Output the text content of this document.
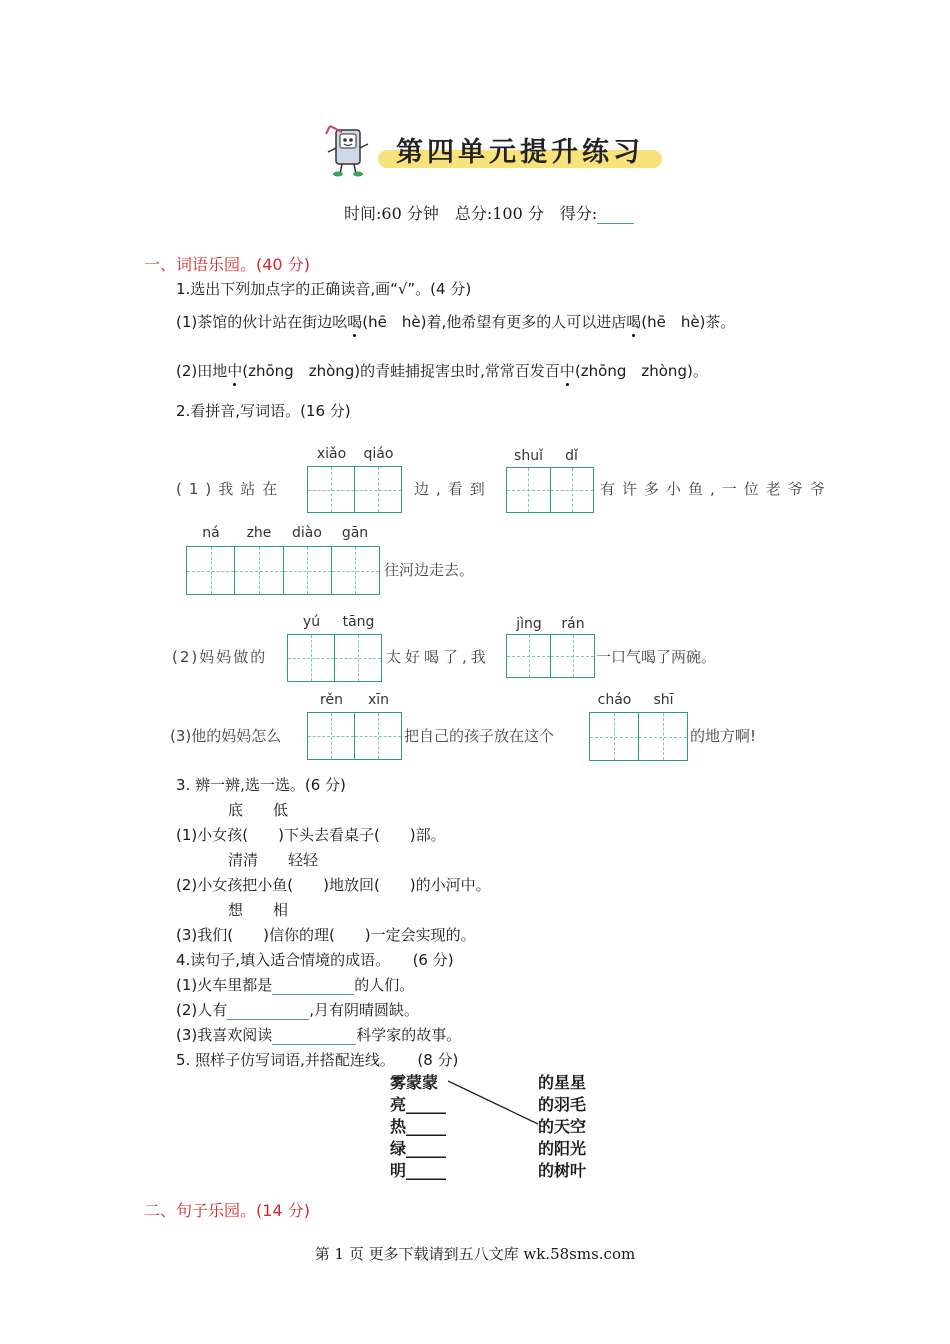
第四单元提升练习
时间:60 分钟　总分:100 分　得分:
一、词语乐园。(40 分)
1.选出下列加点字的正确读音,画“√”。(4 分)
(1)茶馆的伙计站在街边吆喝(hē　hè)着,他希望有更多的人可以进店喝(hē　hè)茶。
(2)田地中(zhōng　zhòng)的青蛙捕捉害虫时,常常百发百中(zhōng　zhòng)。
2.看拼音,写词语。(16 分)
(1)我站在
xiǎo	qiáo
边,看到
shuǐ	dǐ
有许多小鱼,一位老爷爷
ná	zhe	diào	gān
往河边走去。
(2)妈妈做的
yú	tāng
太好喝了,我
jìng	rán
一口气喝了两碗。
(3)他的妈妈怎么
rěn	xīn
把自己的孩子放在这个
cháo	shī
的地方啊!
3. 辨一辨,选一选。(6 分)
底　　低
(1)小女孩(　　)下头去看桌子(　　)部。
清清　　轻轻
(2)小女孩把小鱼(　　)地放回(　　)的小河中。
想　　相
(3)我们(　　)信你的理(　　)一定会实现的。
4.读句子,填入适合情境的成语。　　(6 分)
(1)火车里都是	的人们。
(2)人有	,月有阴晴圆缺。
(3)我喜欢阅读	科学家的故事。
5. 照样子仿写词语,并搭配连线。　　(8 分)
雾蒙蒙
亮_____
热_____
绿_____
明_____
的星星
的羽毛
的天空
的阳光
的树叶
二、句子乐园。(14 分)
第 1 页 更多下载请到五八文库 wk.58sms.com
